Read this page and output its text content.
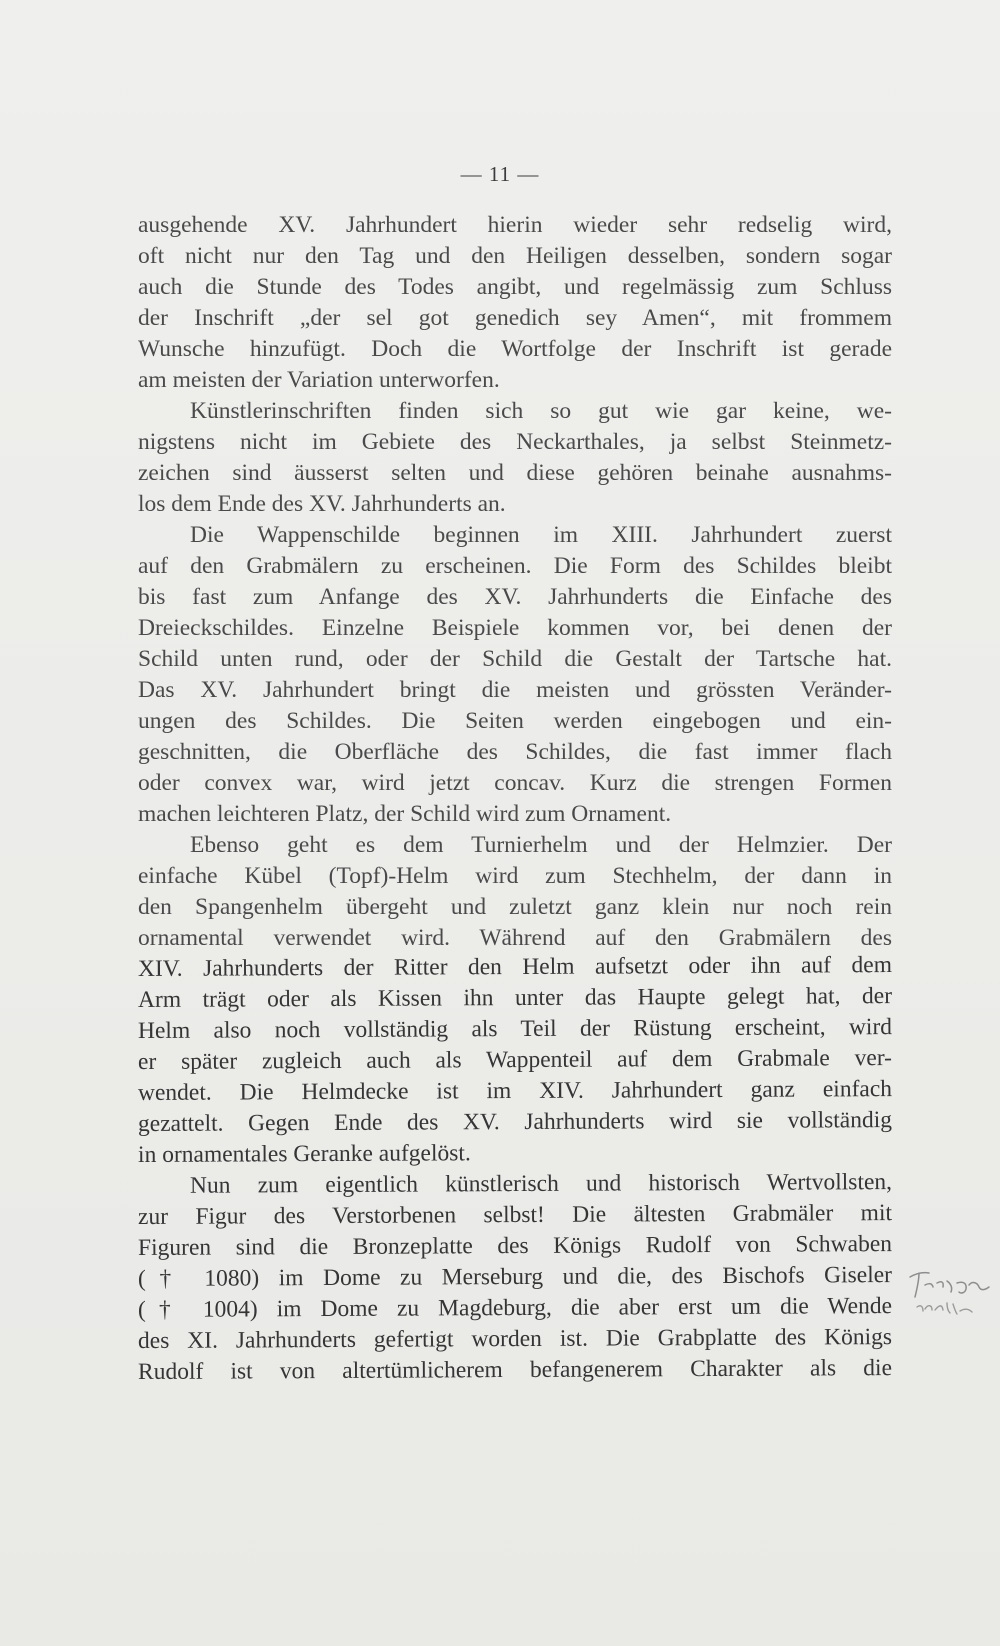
— 11 —
ausgehende XV. Jahrhundert hierin wieder sehr redselig wird,
oft nicht nur den Tag und den Heiligen desselben, sondern sogar
auch die Stunde des Todes angibt, und regelmässig zum Schluss
der Inschrift „der sel got genedich sey Amen“, mit frommem
Wunsche hinzufügt. Doch die Wortfolge der Inschrift ist gerade
am meisten der Variation unterworfen.
Künstlerinschriften finden sich so gut wie gar keine, we-
nigstens nicht im Gebiete des Neckarthales, ja selbst Steinmetz-
zeichen sind äusserst selten und diese gehören beinahe ausnahms-
los dem Ende des XV. Jahrhunderts an.
Die Wappenschilde beginnen im XIII. Jahrhundert zuerst
auf den Grabmälern zu erscheinen. Die Form des Schildes bleibt
bis fast zum Anfange des XV. Jahrhunderts die Einfache des
Dreieckschildes. Einzelne Beispiele kommen vor, bei denen der
Schild unten rund, oder der Schild die Gestalt der Tartsche hat.
Das XV. Jahrhundert bringt die meisten und grössten Veränder-
ungen des Schildes. Die Seiten werden eingebogen und ein-
geschnitten, die Oberfläche des Schildes, die fast immer flach
oder convex war, wird jetzt concav. Kurz die strengen Formen
machen leichteren Platz, der Schild wird zum Ornament.
Ebenso geht es dem Turnierhelm und der Helmzier. Der
einfache Kübel (Topf)-Helm wird zum Stechhelm, der dann in
den Spangenhelm übergeht und zuletzt ganz klein nur noch rein
ornamental verwendet wird. Während auf den Grabmälern des
XIV. Jahrhunderts der Ritter den Helm aufsetzt oder ihn auf dem
Arm trägt oder als Kissen ihn unter das Haupte gelegt hat, der
Helm also noch vollständig als Teil der Rüstung erscheint, wird
er später zugleich auch als Wappenteil auf dem Grabmale ver-
wendet. Die Helmdecke ist im XIV. Jahrhundert ganz einfach
gezattelt. Gegen Ende des XV. Jahrhunderts wird sie vollständig
in ornamentales Geranke aufgelöst.
Nun zum eigentlich künstlerisch und historisch Wertvollsten,
zur Figur des Verstorbenen selbst! Die ältesten Grabmäler mit
Figuren sind die Bronzeplatte des Königs Rudolf von Schwaben
(† 1080) im Dome zu Merseburg und die, des Bischofs Giseler
(† 1004) im Dome zu Magdeburg, die aber erst um die Wende
des XI. Jahrhunderts gefertigt worden ist. Die Grabplatte des Königs
Rudolf ist von altertümlicherem befangenerem Charakter als die
